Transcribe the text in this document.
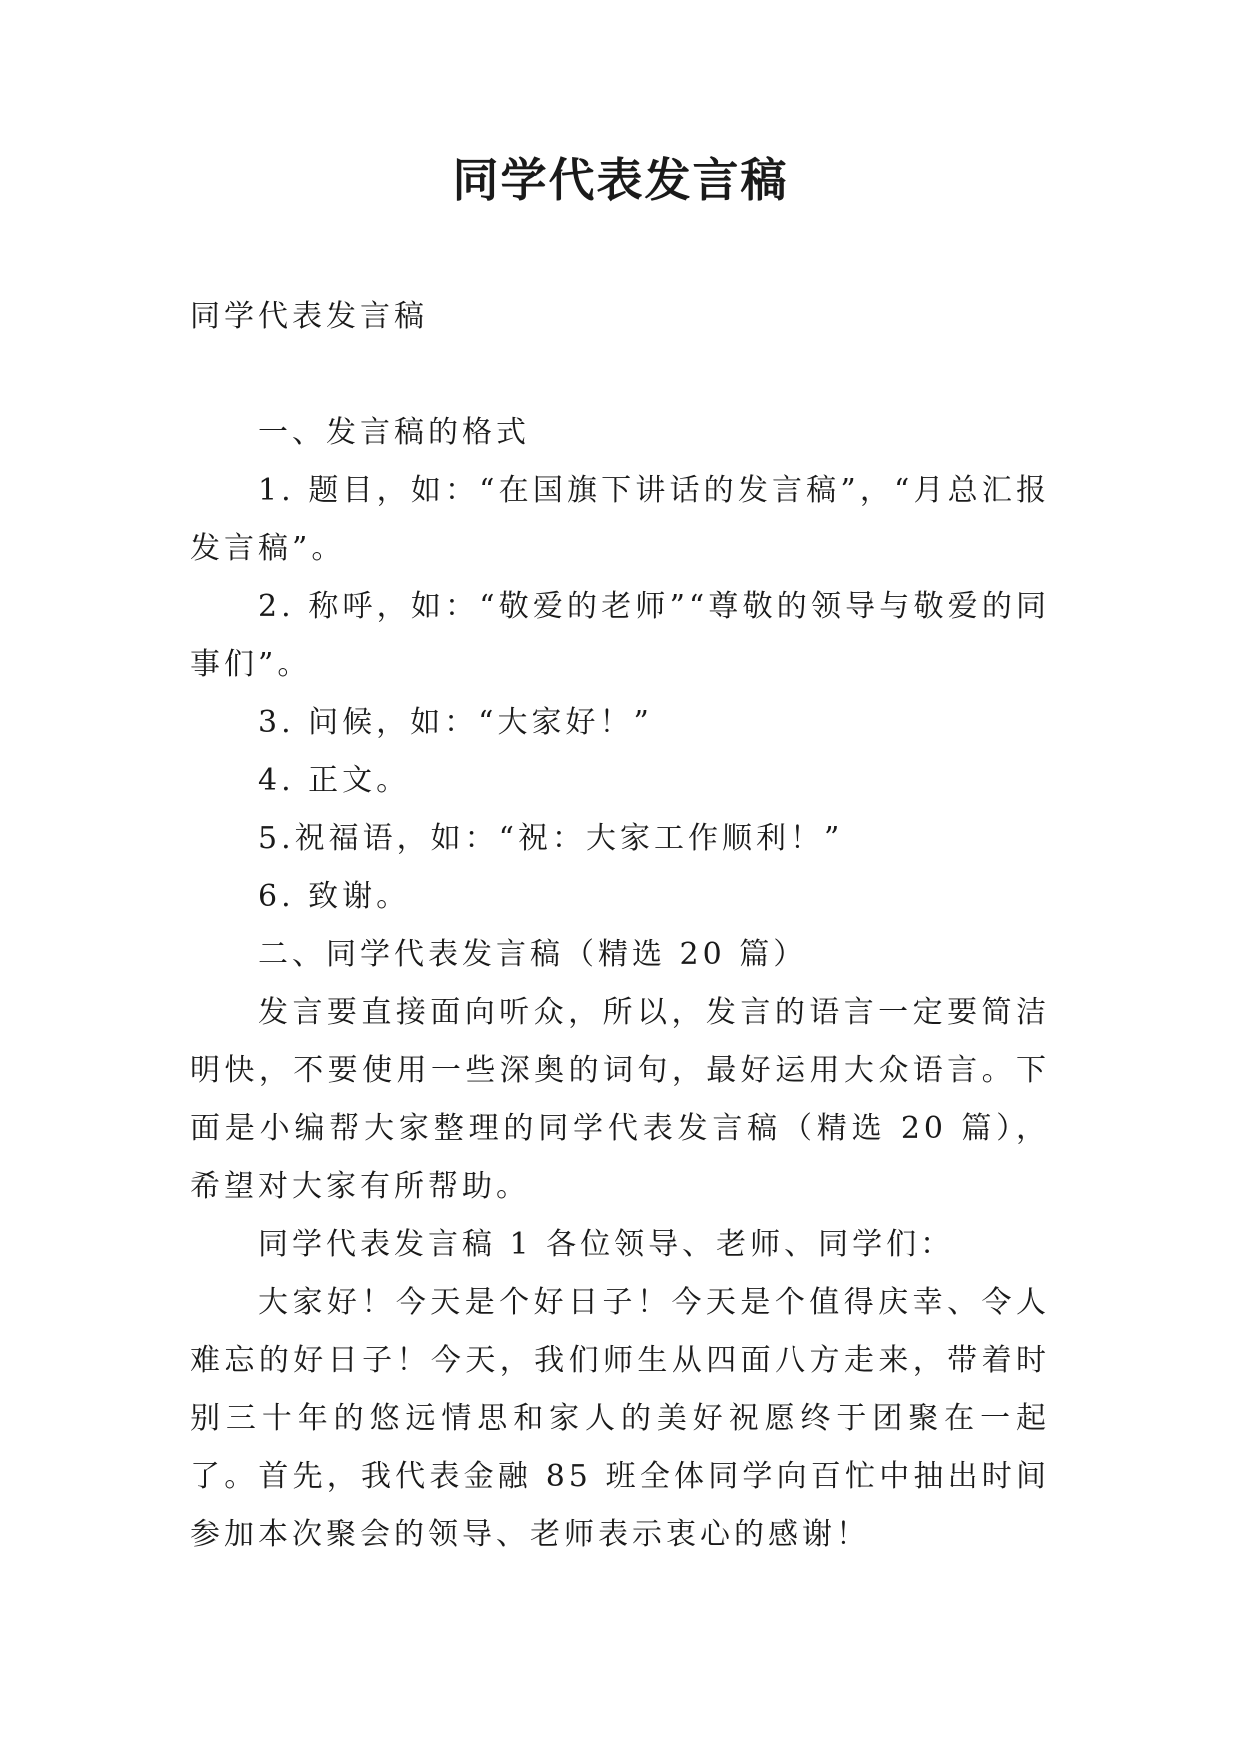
同学代表发言稿

同学代表发言稿

一、发言稿的格式

1. 题目，如：“在国旗下讲话的发言稿”，“月总汇报发言稿”。

2. 称呼，如：“敬爱的老师”“尊敬的领导与敬爱的同事们”。

3. 问候，如：“大家好！”

4. 正文。

5.祝福语，如：“祝：大家工作顺利！”

6. 致谢。

二、同学代表发言稿（精选 20 篇）

发言要直接面向听众，所以，发言的语言一定要简洁明快，不要使用一些深奥的词句，最好运用大众语言。下面是小编帮大家整理的同学代表发言稿（精选 20 篇），希望对大家有所帮助。

同学代表发言稿 1 各位领导、老师、同学们：

大家好！今天是个好日子！今天是个值得庆幸、令人难忘的好日子！今天，我们师生从四面八方走来，带着时别三十年的悠远情思和家人的美好祝愿终于团聚在一起了。首先，我代表金融 85 班全体同学向百忙中抽出时间参加本次聚会的领导、老师表示衷心的感谢！
